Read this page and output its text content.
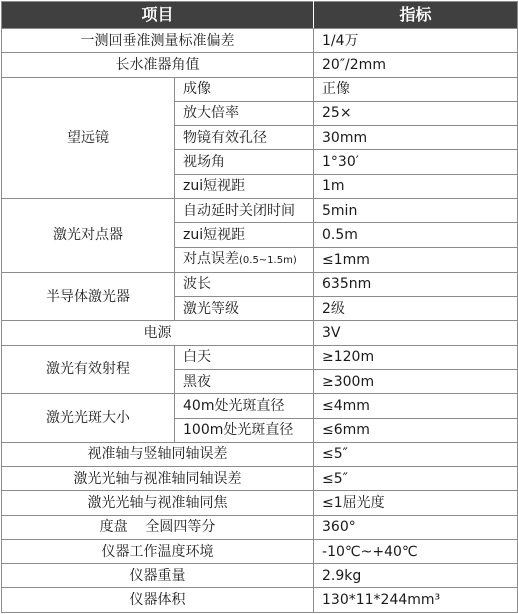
项目		指标
一测回垂准测量标准偏差		1/4万
长水准器角值		20″/2mm
望远镜	成像	正像
	放大倍率	25×
	物镜有效孔径	30mm
	视场角	1°30′
	zui短视距	1m
激光对点器	自动延时关闭时间	5min
	zui短视距	0.5m
	对点误差(0.5~1.5m)	≤1mm
半导体激光器	波长	635nm
	激光等级	2级
电源		3V
激光有效射程	白天	≥120m
	黑夜	≥300m
激光光斑大小	40m处光斑直径	≤4mm
	100m处光斑直径	≤6mm
视准轴与竖轴同轴误差		≤5″
激光光轴与视准轴同轴误差		≤5″
激光光轴与视准轴同焦		≤1屈光度
度盘    全圆四等分		360°
仪器工作温度环境		-10℃~+40℃
仪器重量		2.9kg
仪器体积		130*11*244mm³
